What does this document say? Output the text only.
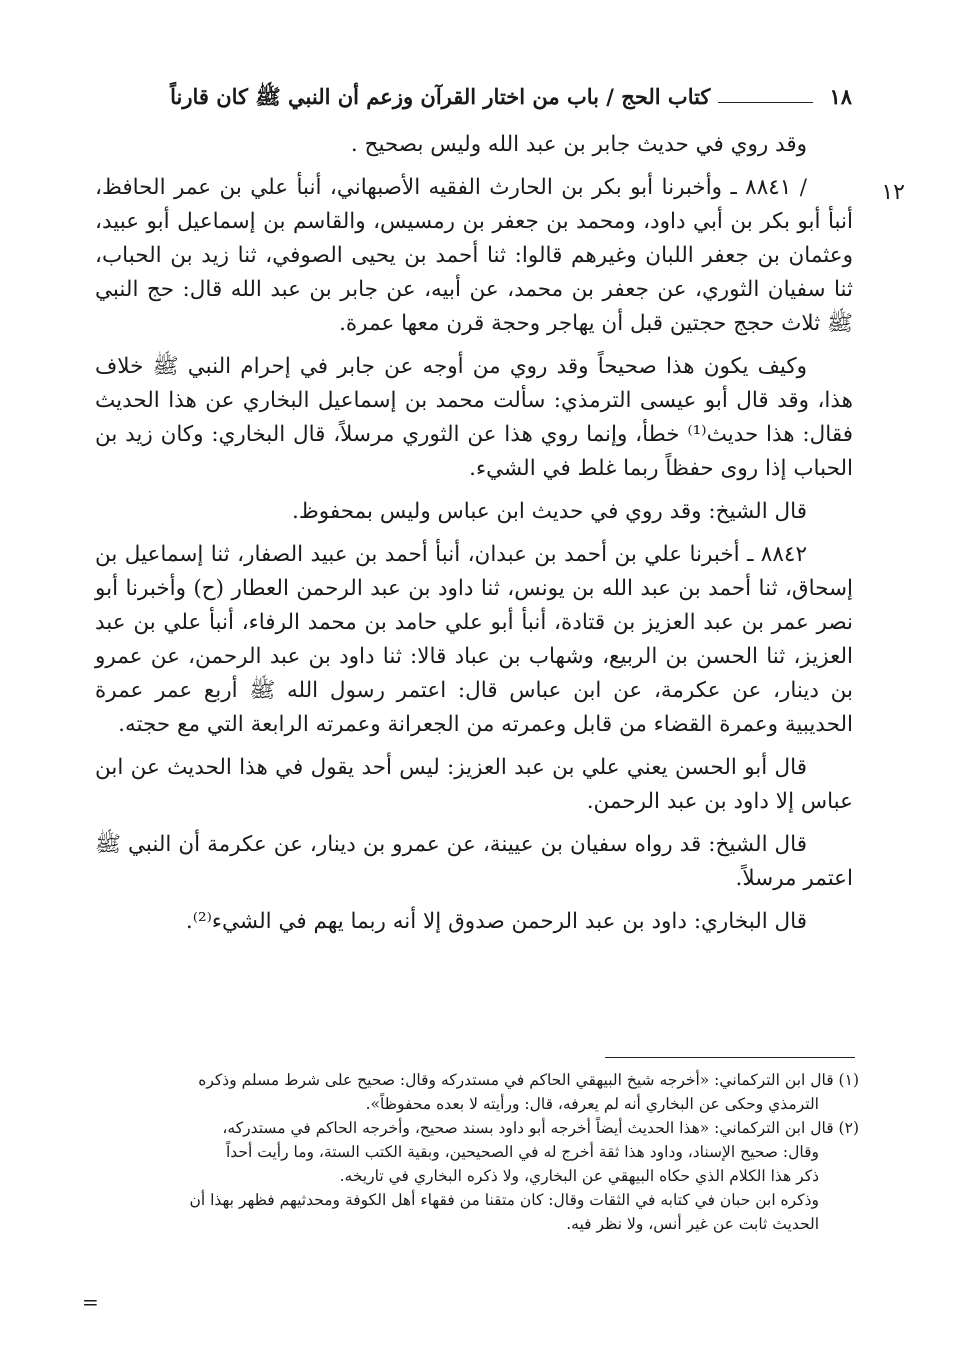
١٨
كتاب الحج / باب من اختار القرآن وزعم أن النبي ﷺ كان قارناً
١٢

وقد روي في حديث جابر بن عبد الله وليس بصحيح .

/ ٨٨٤١ ـ وأخبرنا أبو بكر بن الحارث الفقيه الأصبهاني، أنبأ علي بن عمر الحافظ، أنبأ أبو بكر بن أبي داود، ومحمد بن جعفر بن رمسيس، والقاسم بن إسماعيل أبو عبيد، وعثمان بن جعفر اللبان وغيرهم قالوا: ثنا أحمد بن يحيى الصوفي، ثنا زيد بن الحباب، ثنا سفيان الثوري، عن جعفر بن محمد، عن أبيه، عن جابر بن عبد الله قال: حج النبي ﷺ ثلاث حجج حجتين قبل أن يهاجر وحجة قرن معها عمرة.

وكيف يكون هذا صحيحاً وقد روي من أوجه عن جابر في إحرام النبي ﷺ خلاف هذا، وقد قال أبو عيسى الترمذي: سألت محمد بن إسماعيل البخاري عن هذا الحديث فقال: هذا حديث⁽¹⁾ خطأ، وإنما روي هذا عن الثوري مرسلاً، قال البخاري: وكان زيد بن الحباب إذا روى حفظاً ربما غلط في الشيء.

قال الشيخ: وقد روي في حديث ابن عباس وليس بمحفوظ.

٨٨٤٢ ـ أخبرنا علي بن أحمد بن عبدان، أنبأ أحمد بن عبيد الصفار، ثنا إسماعيل بن إسحاق، ثنا أحمد بن عبد الله بن يونس، ثنا داود بن عبد الرحمن العطار (ح) وأخبرنا أبو نصر عمر بن عبد العزيز بن قتادة، أنبأ أبو علي حامد بن محمد الرفاء، أنبأ علي بن عبد العزيز، ثنا الحسن بن الربيع، وشهاب بن عباد قالا: ثنا داود بن عبد الرحمن، عن عمرو بن دينار، عن عكرمة، عن ابن عباس قال: اعتمر رسول الله ﷺ أربع عمر عمرة الحديبية وعمرة القضاء من قابل وعمرته من الجعرانة وعمرته الرابعة التي مع حجته.

قال أبو الحسن يعني علي بن عبد العزيز: ليس أحد يقول في هذا الحديث عن ابن عباس إلا داود بن عبد الرحمن.

قال الشيخ: قد رواه سفيان بن عيينة، عن عمرو بن دينار، عن عكرمة أن النبي ﷺ اعتمر مرسلاً.

قال البخاري: داود بن عبد الرحمن صدوق إلا أنه ربما يهم في الشيء⁽²⁾.

(١) قال ابن التركماني: «أخرجه شيخ البيهقي الحاكم في مستدركه وقال: صحيح على شرط مسلم وذكره

الترمذي وحكى عن البخاري أنه لم يعرفه، قال: ورأيته لا بعده محفوظاً».

(٢) قال ابن التركماني: «هذا الحديث أيضاً أخرجه أبو داود بسند صحيح، وأخرجه الحاكم في مستدركه،

وقال: صحيح الإسناد، وداود هذا ثقة أخرج له في الصحيحين، وبقية الكتب الستة، وما رأيت أحداً

ذكر هذا الكلام الذي حكاه البيهقي عن البخاري، ولا ذكره البخاري في تاريخه.

وذكره ابن حبان في كتابه في الثقات وقال: كان متقنا من فقهاء أهل الكوفة ومحدثيهم فظهر بهذا أن

الحديث ثابت عن غير أنس، ولا نظر فيه.

=
